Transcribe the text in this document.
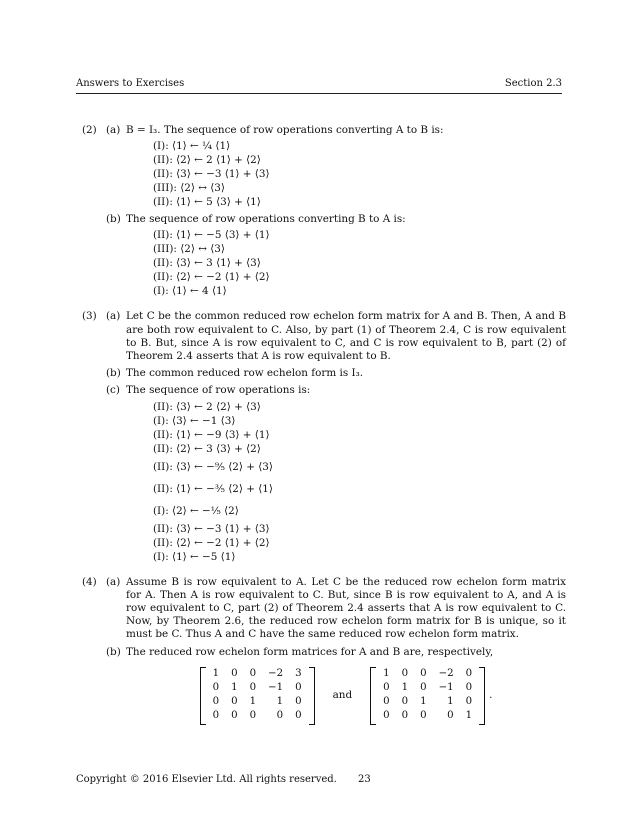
Answers to Exercises	Section 2.3
(2) (a) B = I₃. The sequence of row operations converting A to B is:
(I): ⟨1⟩ ← ¼ ⟨1⟩
(II): ⟨2⟩ ← 2 ⟨1⟩ + ⟨2⟩
(II): ⟨3⟩ ← −3 ⟨1⟩ + ⟨3⟩
(III): ⟨2⟩ ↔ ⟨3⟩
(II): ⟨1⟩ ← 5 ⟨3⟩ + ⟨1⟩
(b) The sequence of row operations converting B to A is:
(II): ⟨1⟩ ← −5 ⟨3⟩ + ⟨1⟩
(III): ⟨2⟩ ↔ ⟨3⟩
(II): ⟨3⟩ ← 3 ⟨1⟩ + ⟨3⟩
(II): ⟨2⟩ ← −2 ⟨1⟩ + ⟨2⟩
(I): ⟨1⟩ ← 4 ⟨1⟩
(3) (a) Let C be the common reduced row echelon form matrix for A and B. Then, A and B are both row equivalent to C. Also, by part (1) of Theorem 2.4, C is row equivalent to B. But, since A is row equivalent to C, and C is row equivalent to B, part (2) of Theorem 2.4 asserts that A is row equivalent to B.
(b) The common reduced row echelon form is I₃.
(c) The sequence of row operations is:
(II): ⟨3⟩ ← 2 ⟨2⟩ + ⟨3⟩
(I): ⟨3⟩ ← −1 ⟨3⟩
(II): ⟨1⟩ ← −9 ⟨3⟩ + ⟨1⟩
(II): ⟨2⟩ ← 3 ⟨3⟩ + ⟨2⟩
(II): ⟨3⟩ ← −⁹⁄₅ ⟨2⟩ + ⟨3⟩
(II): ⟨1⟩ ← −³⁄₅ ⟨2⟩ + ⟨1⟩
(I): ⟨2⟩ ← −¹⁄₅ ⟨2⟩
(II): ⟨3⟩ ← −3 ⟨1⟩ + ⟨3⟩
(II): ⟨2⟩ ← −2 ⟨1⟩ + ⟨2⟩
(I): ⟨1⟩ ← −5 ⟨1⟩
(4) (a) Assume B is row equivalent to A. Let C be the reduced row echelon form matrix for A. Then A is row equivalent to C. But, since B is row equivalent to A, and A is row equivalent to C, part (2) of Theorem 2.4 asserts that A is row equivalent to C. Now, by Theorem 2.6, the reduced row echelon form matrix for B is unique, so it must be C. Thus A and C have the same reduced row echelon form matrix.
(b) The reduced row echelon form matrices for A and B are, respectively,
1	0	0	−2	3
0	1	0	−1	0
0	0	1	1	0
0	0	0	0	0
and
1	0	0	−2	0
0	1	0	−1	0
0	0	1	1	0
0	0	0	0	1
.
Copyright © 2016 Elsevier Ltd. All rights reserved. 23
